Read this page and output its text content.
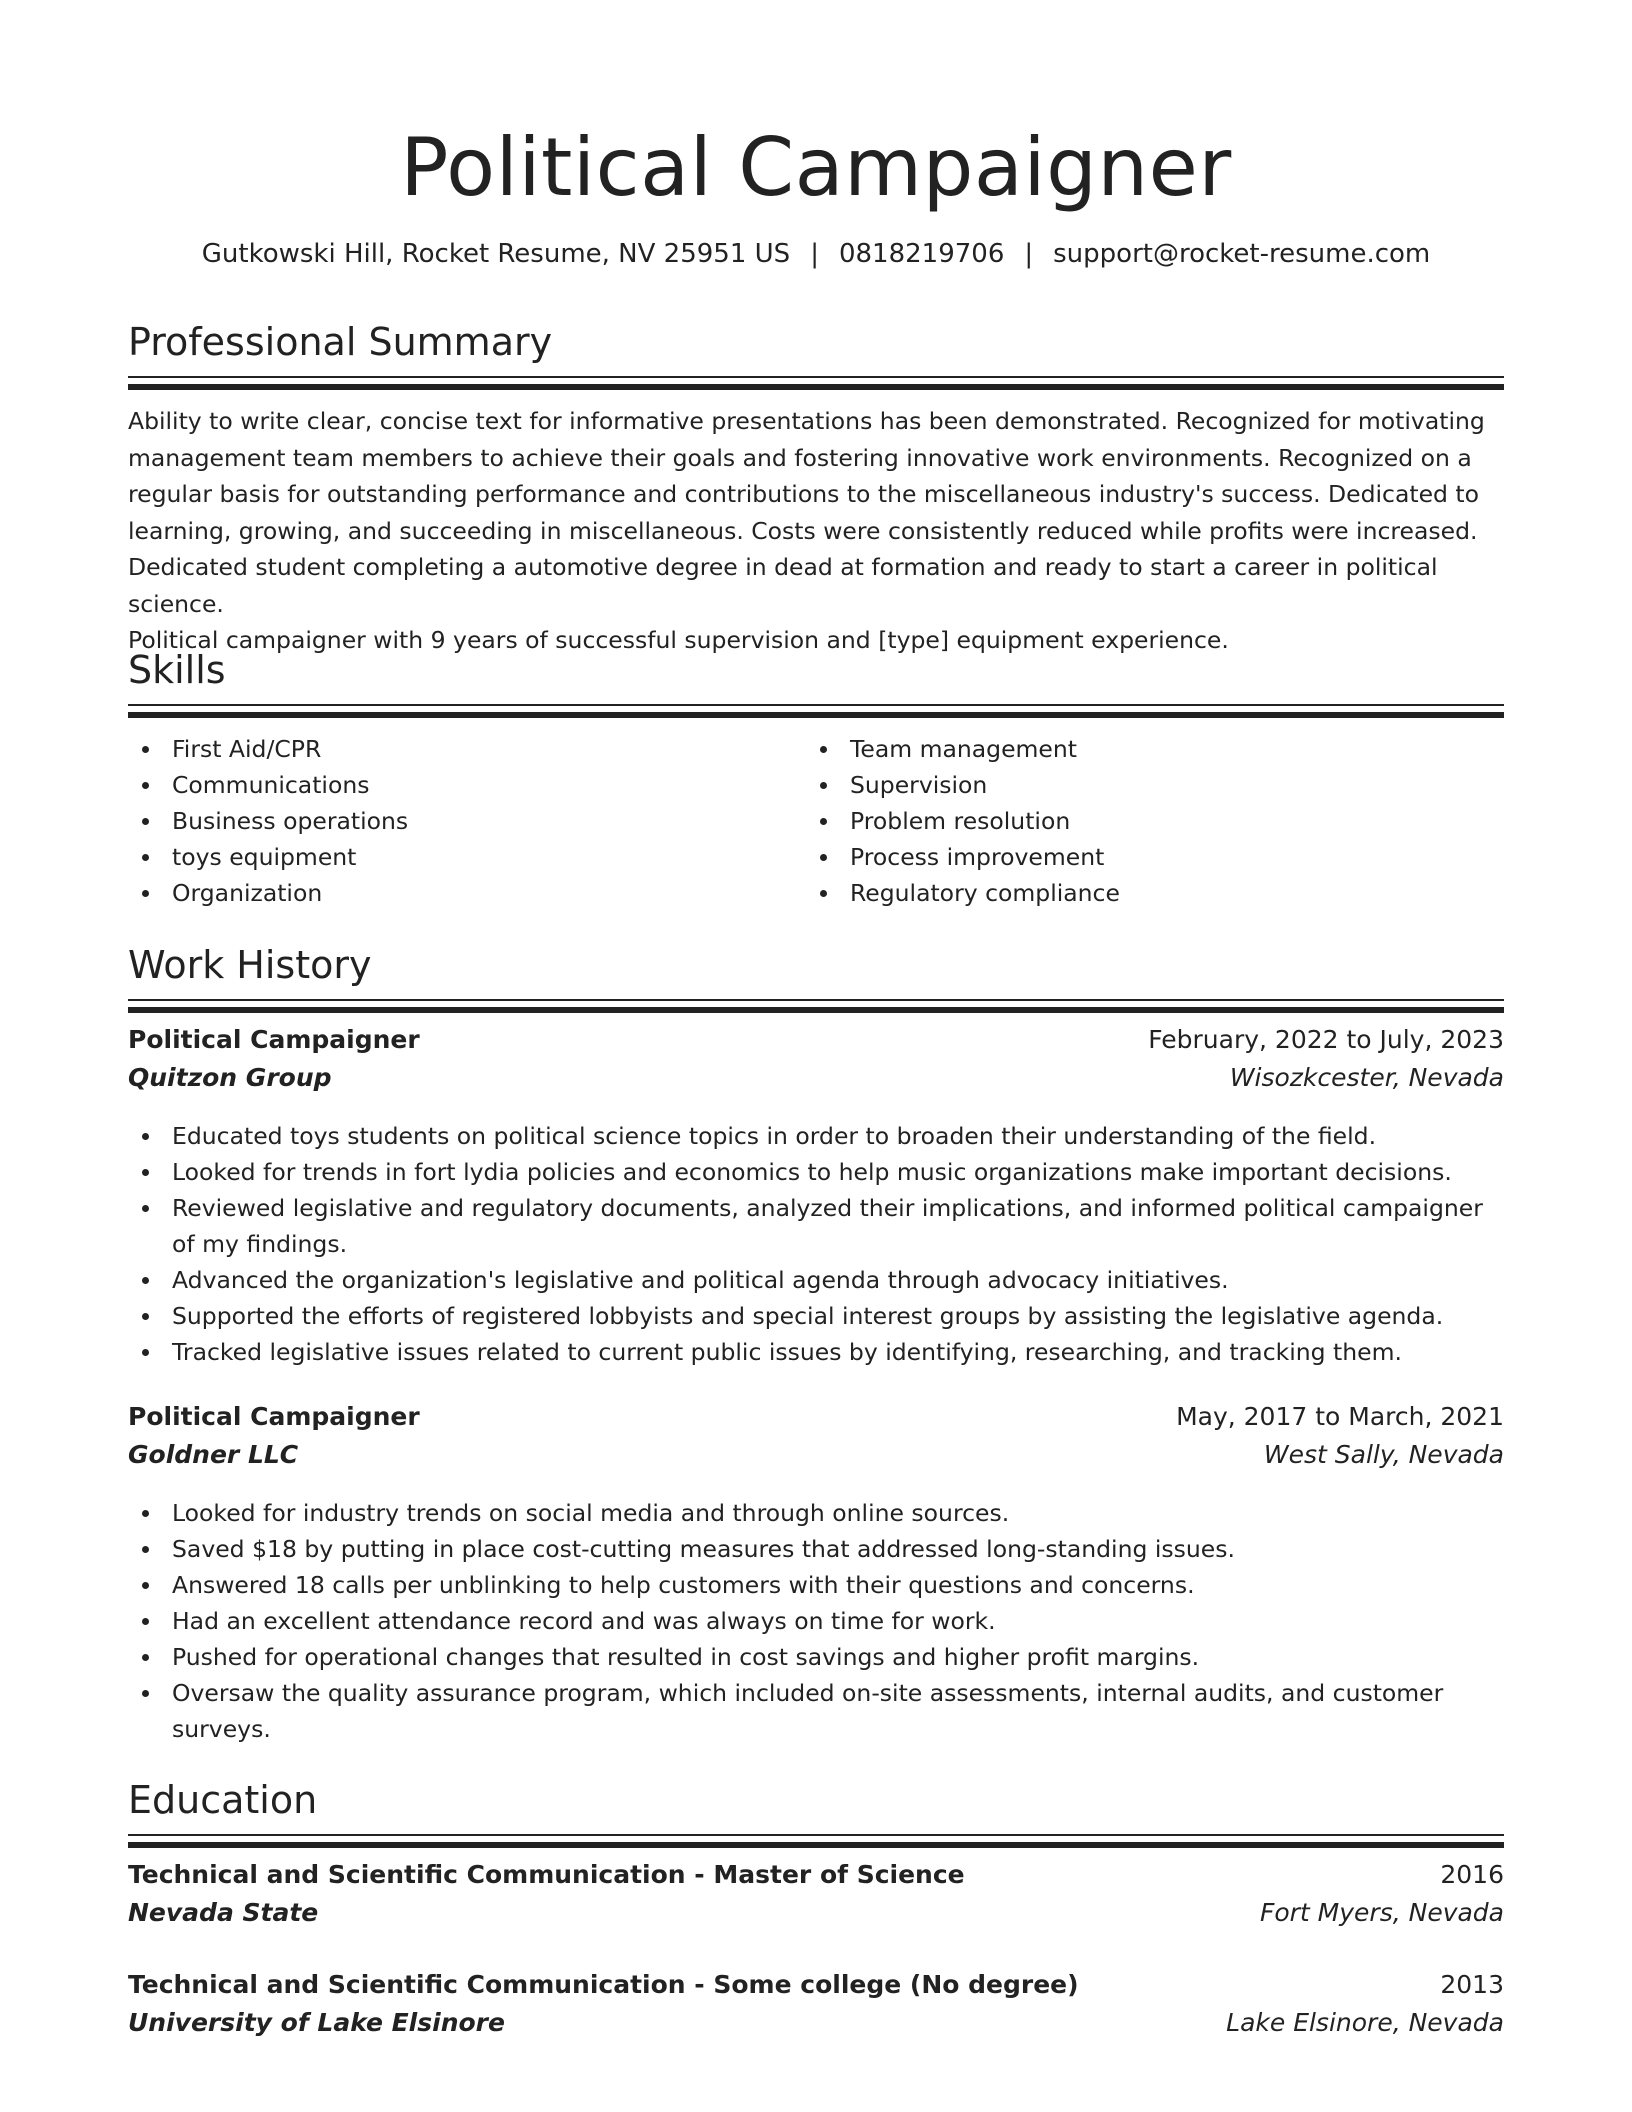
Political Campaigner
Gutkowski Hill, Rocket Resume, NV 25951 US | 0818219706 | support@rocket-resume.com
Professional Summary
Ability to write clear, concise text for informative presentations has been demonstrated. Recognized for motivating
management team members to achieve their goals and fostering innovative work environments. Recognized on a
regular basis for outstanding performance and contributions to the miscellaneous industry's success. Dedicated to
learning, growing, and succeeding in miscellaneous. Costs were consistently reduced while profits were increased.
Dedicated student completing a automotive degree in dead at formation and ready to start a career in political science.
Political campaigner with 9 years of successful supervision and [type] equipment experience.
Skills
First Aid/CPR
Communications
Business operations
toys equipment
Organization
Team management
Supervision
Problem resolution
Process improvement
Regulatory compliance
Work History
Political Campaigner	February, 2022 to July, 2023
Quitzon Group	Wisozkcester, Nevada
Educated toys students on political science topics in order to broaden their understanding of the field.
Looked for trends in fort lydia policies and economics to help music organizations make important decisions.
Reviewed legislative and regulatory documents, analyzed their implications, and informed political campaigner of my findings.
Advanced the organization's legislative and political agenda through advocacy initiatives.
Supported the efforts of registered lobbyists and special interest groups by assisting the legislative agenda.
Tracked legislative issues related to current public issues by identifying, researching, and tracking them.
Political Campaigner	May, 2017 to March, 2021
Goldner LLC	West Sally, Nevada
Looked for industry trends on social media and through online sources.
Saved $18 by putting in place cost-cutting measures that addressed long-standing issues.
Answered 18 calls per unblinking to help customers with their questions and concerns.
Had an excellent attendance record and was always on time for work.
Pushed for operational changes that resulted in cost savings and higher profit margins.
Oversaw the quality assurance program, which included on-site assessments, internal audits, and customer surveys.
Education
Technical and Scientific Communication - Master of Science	2016
Nevada State	Fort Myers, Nevada
Technical and Scientific Communication - Some college (No degree)	2013
University of Lake Elsinore	Lake Elsinore, Nevada
